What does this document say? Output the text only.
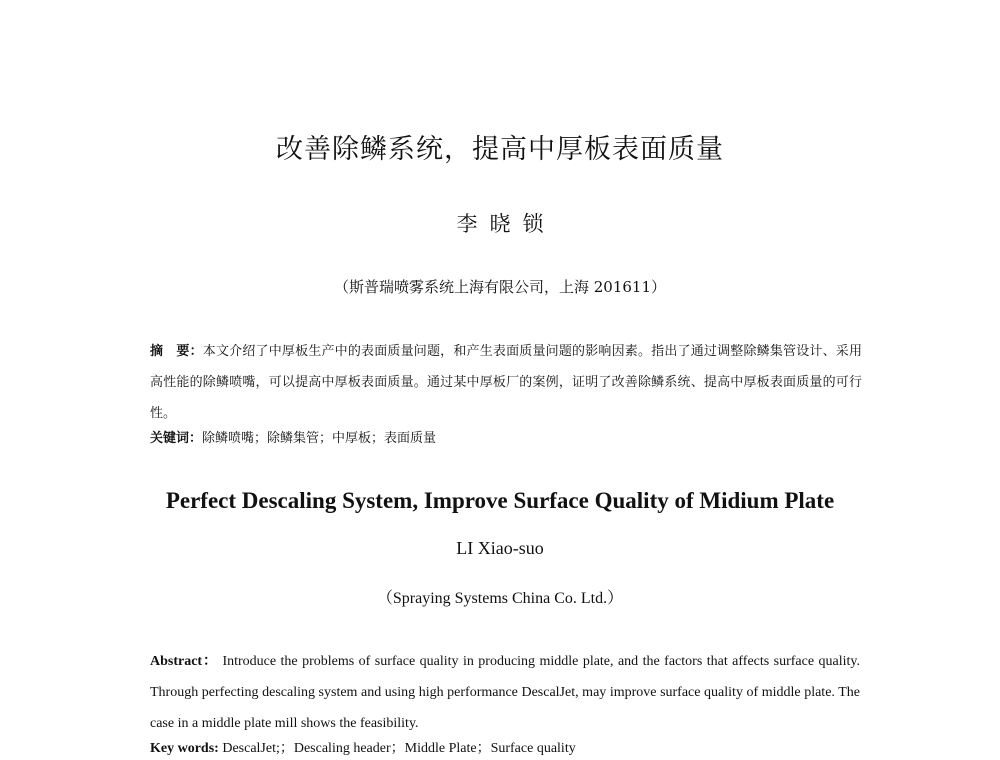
改善除鳞系统，提高中厚板表面质量
李 晓 锁
（斯普瑞喷雾系统上海有限公司，上海 201611）
摘　要：本文介绍了中厚板生产中的表面质量问题，和产生表面质量问题的影响因素。指出了通过调整除鳞集管设计、采用高性能的除鳞喷嘴，可以提高中厚板表面质量。通过某中厚板厂的案例，证明了改善除鳞系统、提高中厚板表面质量的可行性。
关键词：除鳞喷嘴；除鳞集管；中厚板；表面质量
Perfect Descaling System, Improve Surface Quality of Midium Plate
LI Xiao-suo
（Spraying Systems China Co. Ltd.）
Abstract： Introduce the problems of surface quality in producing middle plate, and the factors that affects surface quality. Through perfecting descaling system and using high performance DescalJet, may improve surface quality of middle plate. The case in a middle plate mill shows the feasibility.
Key words: DescalJet;；Descaling header；Middle Plate；Surface quality
